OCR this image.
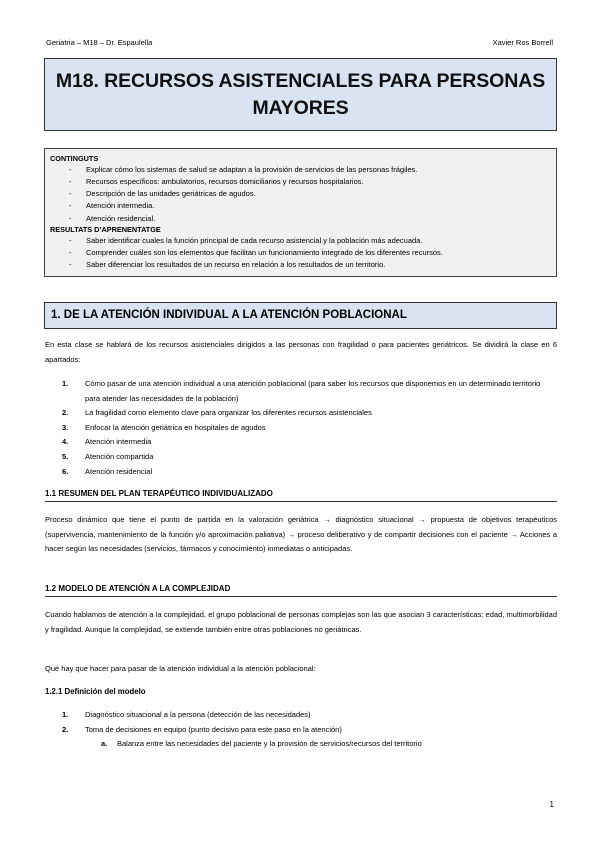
Geriatria – M18 – Dr. Espaulella	Xavier Ros Borrell
M18. RECURSOS ASISTENCIALES PARA PERSONAS
MAYORES
CONTINGUTS
-	Explicar cómo los sistemas de salud se adaptan a la provisión de servicios de las personas frágiles.
-	Recursos específicos: ambulatorios, recursos domiciliarios y recursos hospitalarios.
-	Descripción de las unidades geriátricas de agudos.
-	Atención intermedia.
-	Atención residencial.
RESULTATS D’APRENENTATGE
-	Saber identificar cuales la función principal de cada recurso asistencial y la población más adecuada.
-	Comprender cuáles son los elementos que facilitan un funcionamiento integrado de los diferentes recursos.
-	Saber diferenciar los resultados de un recurso en relación a los resultados de un territorio.
1. DE LA ATENCIÓN INDIVIDUAL A LA ATENCIÓN POBLACIONAL
En esta clase se hablará de los recursos asistenciales dirigidos a las personas con fragilidad o para pacientes geriátricos. Se dividirá la clase en 6 apartados:
1.	Cómo pasar de una atención individual a una atención poblacional (para saber los recursos que disponemos en un determinado territorio para atender las necesidades de la población)
2.	La fragilidad como elemento clave para organizar los diferentes recursos asistenciales
3.	Enfocar la atención geriátrica en hospitales de agudos
4.	Atención intermedia
5.	Atención compartida
6.	Atención residencial
1.1 RESUMEN DEL PLAN TERAPÉUTICO INDIVIDUALIZADO
Proceso dinámico que tiene el punto de partida en la valoración geriátrica → diagnóstico situacional → propuesta de objetivos terapéuticos (supervivencia, mantenimiento de la función y/o aproximación paliativa) → proceso deliberativo y de compartir decisiones con el paciente → Acciones a hacer según las necesidades (servicios, fármacos y conocimiento) inmediatas o anticipadas.
1.2 MODELO DE ATENCIÓN A LA COMPLEJIDAD
Cuando hablamos de atención a la complejidad, el grupo poblacional de personas complejas son las que asocian 3 características: edad, multimorbilidad y fragilidad. Aunque la complejidad, se extiende también entre otras poblaciones no geriátricas.
Qué hay que hacer para pasar de la atención individual a la atención poblacional:
1.2.1 Definición del modelo
1.	Diagnóstico situacional a la persona (detección de las necesidades)
2.	Toma de decisiones en equipo (punto decisivo para este paso en la atención)
a.	Balanza entre las necesidades del paciente y la provisión de servicios/recursos del territorio
1
